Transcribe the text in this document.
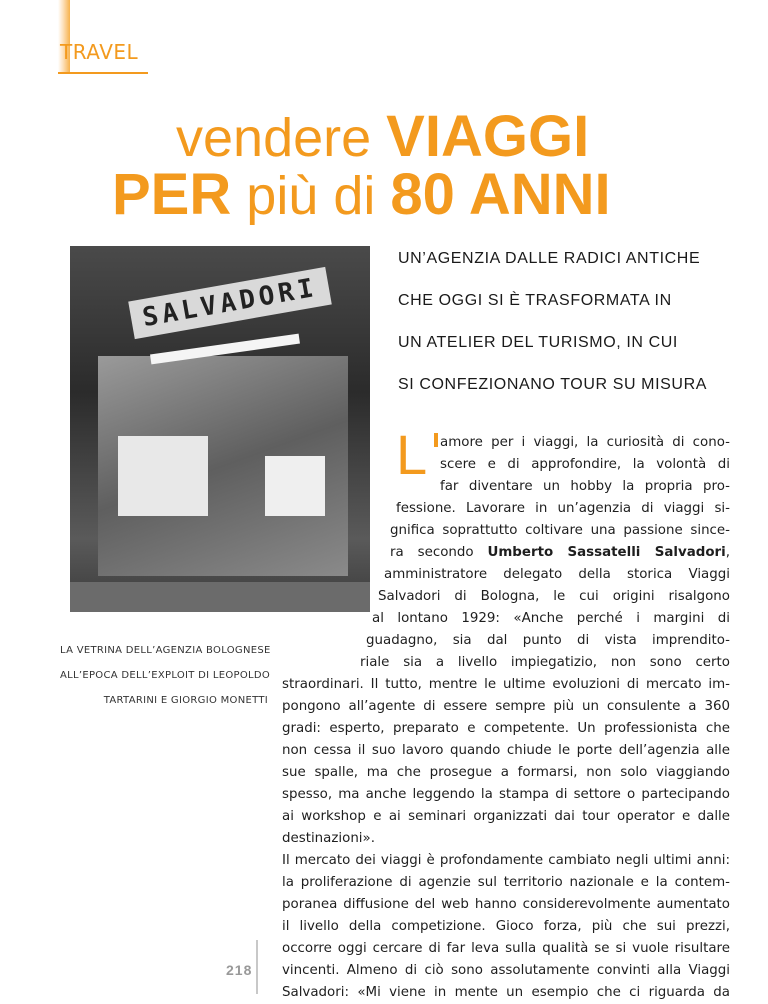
TRAVEL
vendere VIAGGI
PER più di 80 ANNI
SALVADORI
UN’AGENZIA DALLE RADICI ANTICHE
CHE OGGI SI È TRASFORMATA IN
UN ATELIER DEL TURISMO, IN CUI
SI CONFEZIONANO TOUR SU MISURA

LA VETRINA DELL’AGENZIA BOLOGNESE
ALL’EPOCA DELL’EXPLOIT DI LEOPOLDO
TARTARINI E GIORGIO MONETTI

L amore per i viaggi, la curiosità di cono-
scere e di approfondire, la volontà di
far diventare un hobby la propria pro-

fessione. Lavorare in un’agenzia di viaggi si-

gnifica soprattutto coltivare una passione since-
ra secondo Umberto Sassatelli Salvadori,

amministratore delegato della storica Viaggi

Salvadori di Bologna, le cui origini risalgono

al lontano 1929: «Anche perché i margini di

guadagno, sia dal punto di vista imprendito-

riale sia a livello impiegatizio, non sono certo

straordinari. Il tutto, mentre le ultime evoluzioni di mercato im-
pongono all’agente di essere sempre più un consulente a 360
gradi: esperto, preparato e competente. Un professionista che
non cessa il suo lavoro quando chiude le porte dell’agenzia alle
sue spalle, ma che prosegue a formarsi, non solo viaggiando
spesso, ma anche leggendo la stampa di settore o partecipando
ai workshop e ai seminari organizzati dai tour operator e dalle
destinazioni».
Il mercato dei viaggi è profondamente cambiato negli ultimi anni:
la proliferazione di agenzie sul territorio nazionale e la contem-
poranea diffusione del web hanno considerevolmente aumentato
il livello della competizione. Gioco forza, più che sui prezzi,
occorre oggi cercare di far leva sulla qualità se si vuole risultare
vincenti. Almeno di ciò sono assolutamente convinti alla Viaggi
Salvadori: «Mi viene in mente un esempio che ci riguarda da

218
